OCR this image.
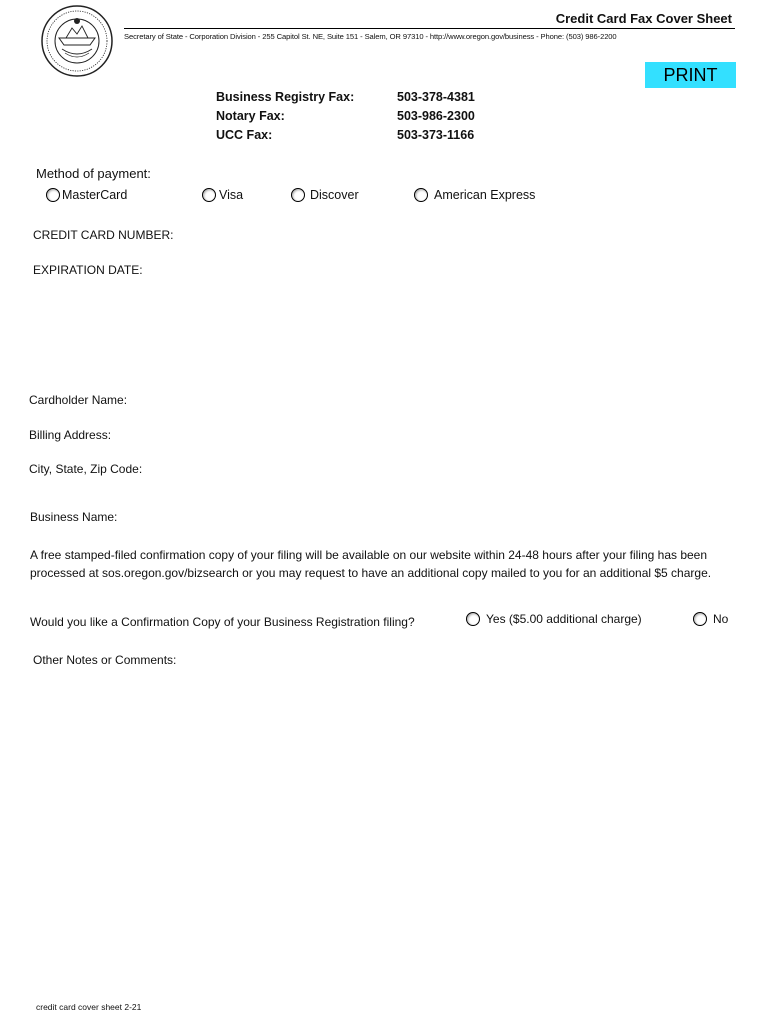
Credit Card Fax Cover Sheet
Secretary of State - Corporation Division - 255 Capitol St. NE, Suite 151 - Salem, OR 97310 - http://www.oregon.gov/business - Phone: (503) 986-2200
PRINT
Business Registry Fax:	503-378-4381
Notary Fax:	503-986-2300
UCC Fax:	503-373-1166
Method of payment:
MasterCard	Visa	Discover	American Express
CREDIT CARD NUMBER:
EXPIRATION DATE:
Cardholder Name:
Billing Address:
City, State, Zip Code:
Business Name:
A free stamped-filed confirmation copy of your filing will be available on our website within 24-48 hours after your filing has been processed at sos.oregon.gov/bizsearch or you may request to have an additional copy mailed to you for an additional $5 charge.
Would you like a Confirmation Copy of your Business Registration filing?	Yes ($5.00 additional charge)	No
Other Notes or Comments:
credit card cover sheet 2-21
